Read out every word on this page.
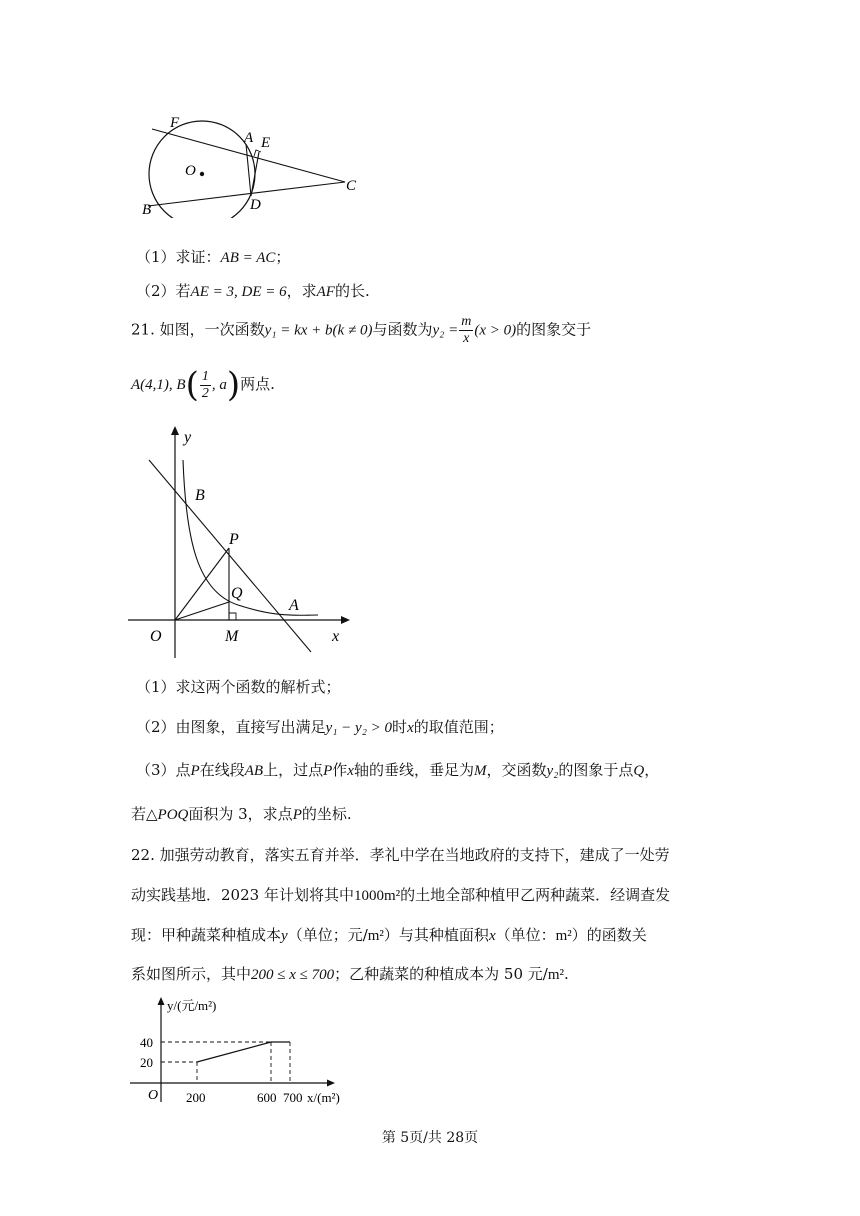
F
A E
O
B	D
C
（1）求证：AB = AC；
（2）若AE = 3, DE = 6，求AF的长.
21. 如图，一次函数y₁ = kx + b(k ≠ 0)与函数为$y_2 = \frac{m}{x} (x > 0)$的图象交于
A(4,1), $B( \frac{1}{2}$ , a)两点.
y
B
P
Q
A
O	M	x
（1）求这两个函数的解析式；
（2）由图象，直接写出满足y₁ − y₂ > 0时x的取值范围；
（3）点P在线段AB上，过点P作x轴的垂线，垂足为M，交函数y₂的图象于点Q，
若△POQ面积为 3，求点P的坐标.
22. 加强劳动教育，落实五育并举．孝礼中学在当地政府的支持下，建成了一处劳
动实践基地．2023 年计划将其中1000m²的土地全部种植甲乙两种蔬菜．经调查发
现：甲种蔬菜种植成本y（单位；元/m²）与其种植面积x（单位：m²）的函数关
系如图所示，其中200 ≤ x ≤ 700；乙种蔬菜的种植成本为 50 元/m².
y/(元/m²)
40
20
O 200	600 700 x/(m²)
第 5页/共 28页
